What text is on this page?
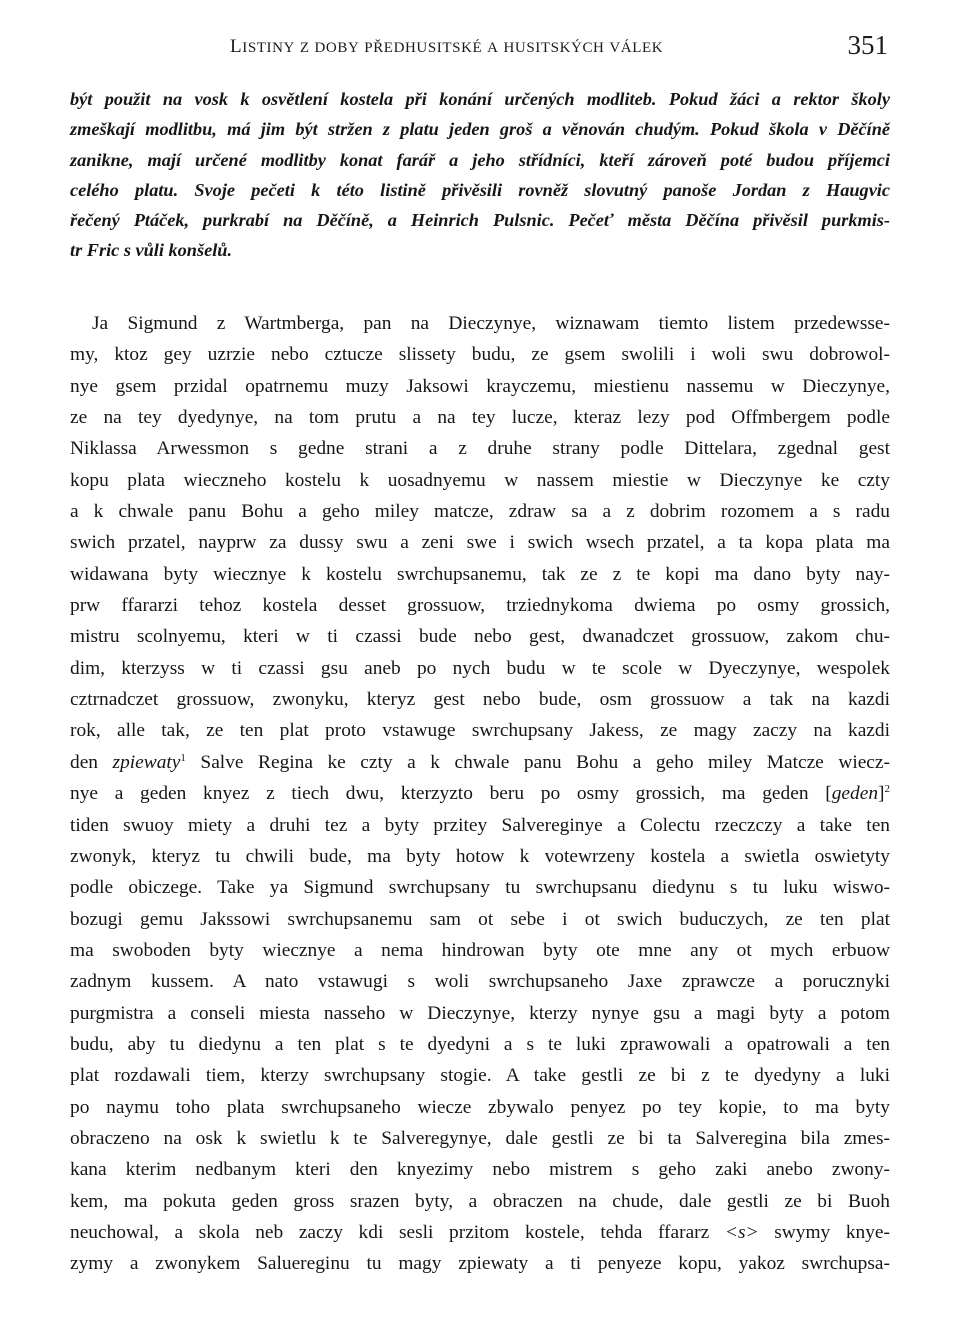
LISTINY Z DOBY PŘEDHUSITSKÉ A HUSITSKÝCH VÁLEK	351
být použit na vosk k osvětlení kostela při konání určených modliteb. Pokud žáci a rektor školy
zmeškají modlitbu, má jim být stržen z platu jeden groš a věnován chudým. Pokud škola v Děčíně
zanikne, mají určené modlitby konat farář a jeho střídníci, kteří zároveň poté budou příjemci
celého platu. Svoje pečeti k této listině přivěsili rovněž slovutný panoše Jordan z Haugvic
řečený Ptáček, purkrabí na Děčíně, a Heinrich Pulsnic. Pečeť města Děčína přivěsil purkmis-
tr Fric s vůli konšelů.
Ja Sigmund z Wartmberga, pan na Dieczynye, wiznawam tiemto listem przedewsse-
my, ktoz gey uzrzie nebo cztucze slissety budu, ze gsem swolili i woli swu dobrowol-
nye gsem przidal opatrnemu muzy Jaksowi krayczemu, miestienu nassemu w Dieczynye,
ze na tey dyedynye, na tom prutu a na tey lucze, kteraz lezy pod Offmbergem podle
Niklassa Arwessmon s gedne strani a z druhe strany podle Dittelara, zgednal gest
kopu plata wieczneho kostelu k uosadnyemu w nassem miestie w Dieczynye ke czty
a k chwale panu Bohu a geho miley matcze, zdraw sa a z dobrim rozomem a s radu
swich przatel, nayprw za dussy swu a zeni swe i swich wsech przatel, a ta kopa plata ma
widawana byty wiecznye k kostelu swrchupsanemu, tak ze z te kopi ma dano byty nay-
prw ffararzi tehoz kostela desset grossuow, trziednykoma dwiema po osmy grossich,
mistru scolnyemu, kteri w ti czassi bude nebo gest, dwanadczet grossuow, zakom chu-
dim, kterzyss w ti czassi gsu aneb po nych budu w te scole w Dyeczynye, wespolek
cztrnadczet grossuow, zwonyku, kteryz gest nebo bude, osm grossuow a tak na kazdi
rok, alle tak, ze ten plat proto vstawuge swrchupsany Jakess, ze magy zaczy na kazdi
den zpiewaty$^1$ Salve Regina ke czty a k chwale panu Bohu a geho miley Matcze wiecz-
nye a geden knyez z tiech dwu, kterzyzto beru po osmy grossich, ma geden [geden]$^2$
tiden swuoy miety a druhi tez a byty przitey Salvereginye a Colectu rzeczczy a take ten
zwonyk, kteryz tu chwili bude, ma byty hotow k votewrzeny kostela a swietla oswietyty
podle obiczege. Take ya Sigmund swrchupsany tu swrchupsanu diedynu s tu luku wiswo-
bozugi gemu Jakssowi swrchupsanemu sam ot sebe i ot swich buduczych, ze ten plat
ma swoboden byty wiecznye a nema hindrowan byty ote mne any ot mych erbuow
zadnym kussem. A nato vstawugi s woli swrchupsaneho Jaxe zprawcze a porucznyki
purgmistra a conseli miesta nasseho w Dieczynye, kterzy nynye gsu a magi byty a potom
budu, aby tu diedynu a ten plat s te dyedyni a s te luki zprawowali a opatrowali a ten
plat rozdawali tiem, kterzy swrchupsany stogie. A take gestli ze bi z te dyedyny a luki
po naymu toho plata swrchupsaneho wiecze zbywalo penyez po tey kopie, to ma byty
obraczeno na osk k swietlu k te Salveregynye, dale gestli ze bi ta Salveregina bila zmes-
kana kterim nedbanym kteri den knyezimy nebo mistrem s geho zaki anebo zwony-
kem, ma pokuta geden gross srazen byty, a obraczen na chude, dale gestli ze bi Buoh
neuchowal, a skola neb zaczy kdi sesli przitom kostele, tehda ffararz <s> swymy knye-
zymy a zwonykem Saluereginu tu magy zpiewaty a ti penyeze kopu, yakoz swrchupsa-
